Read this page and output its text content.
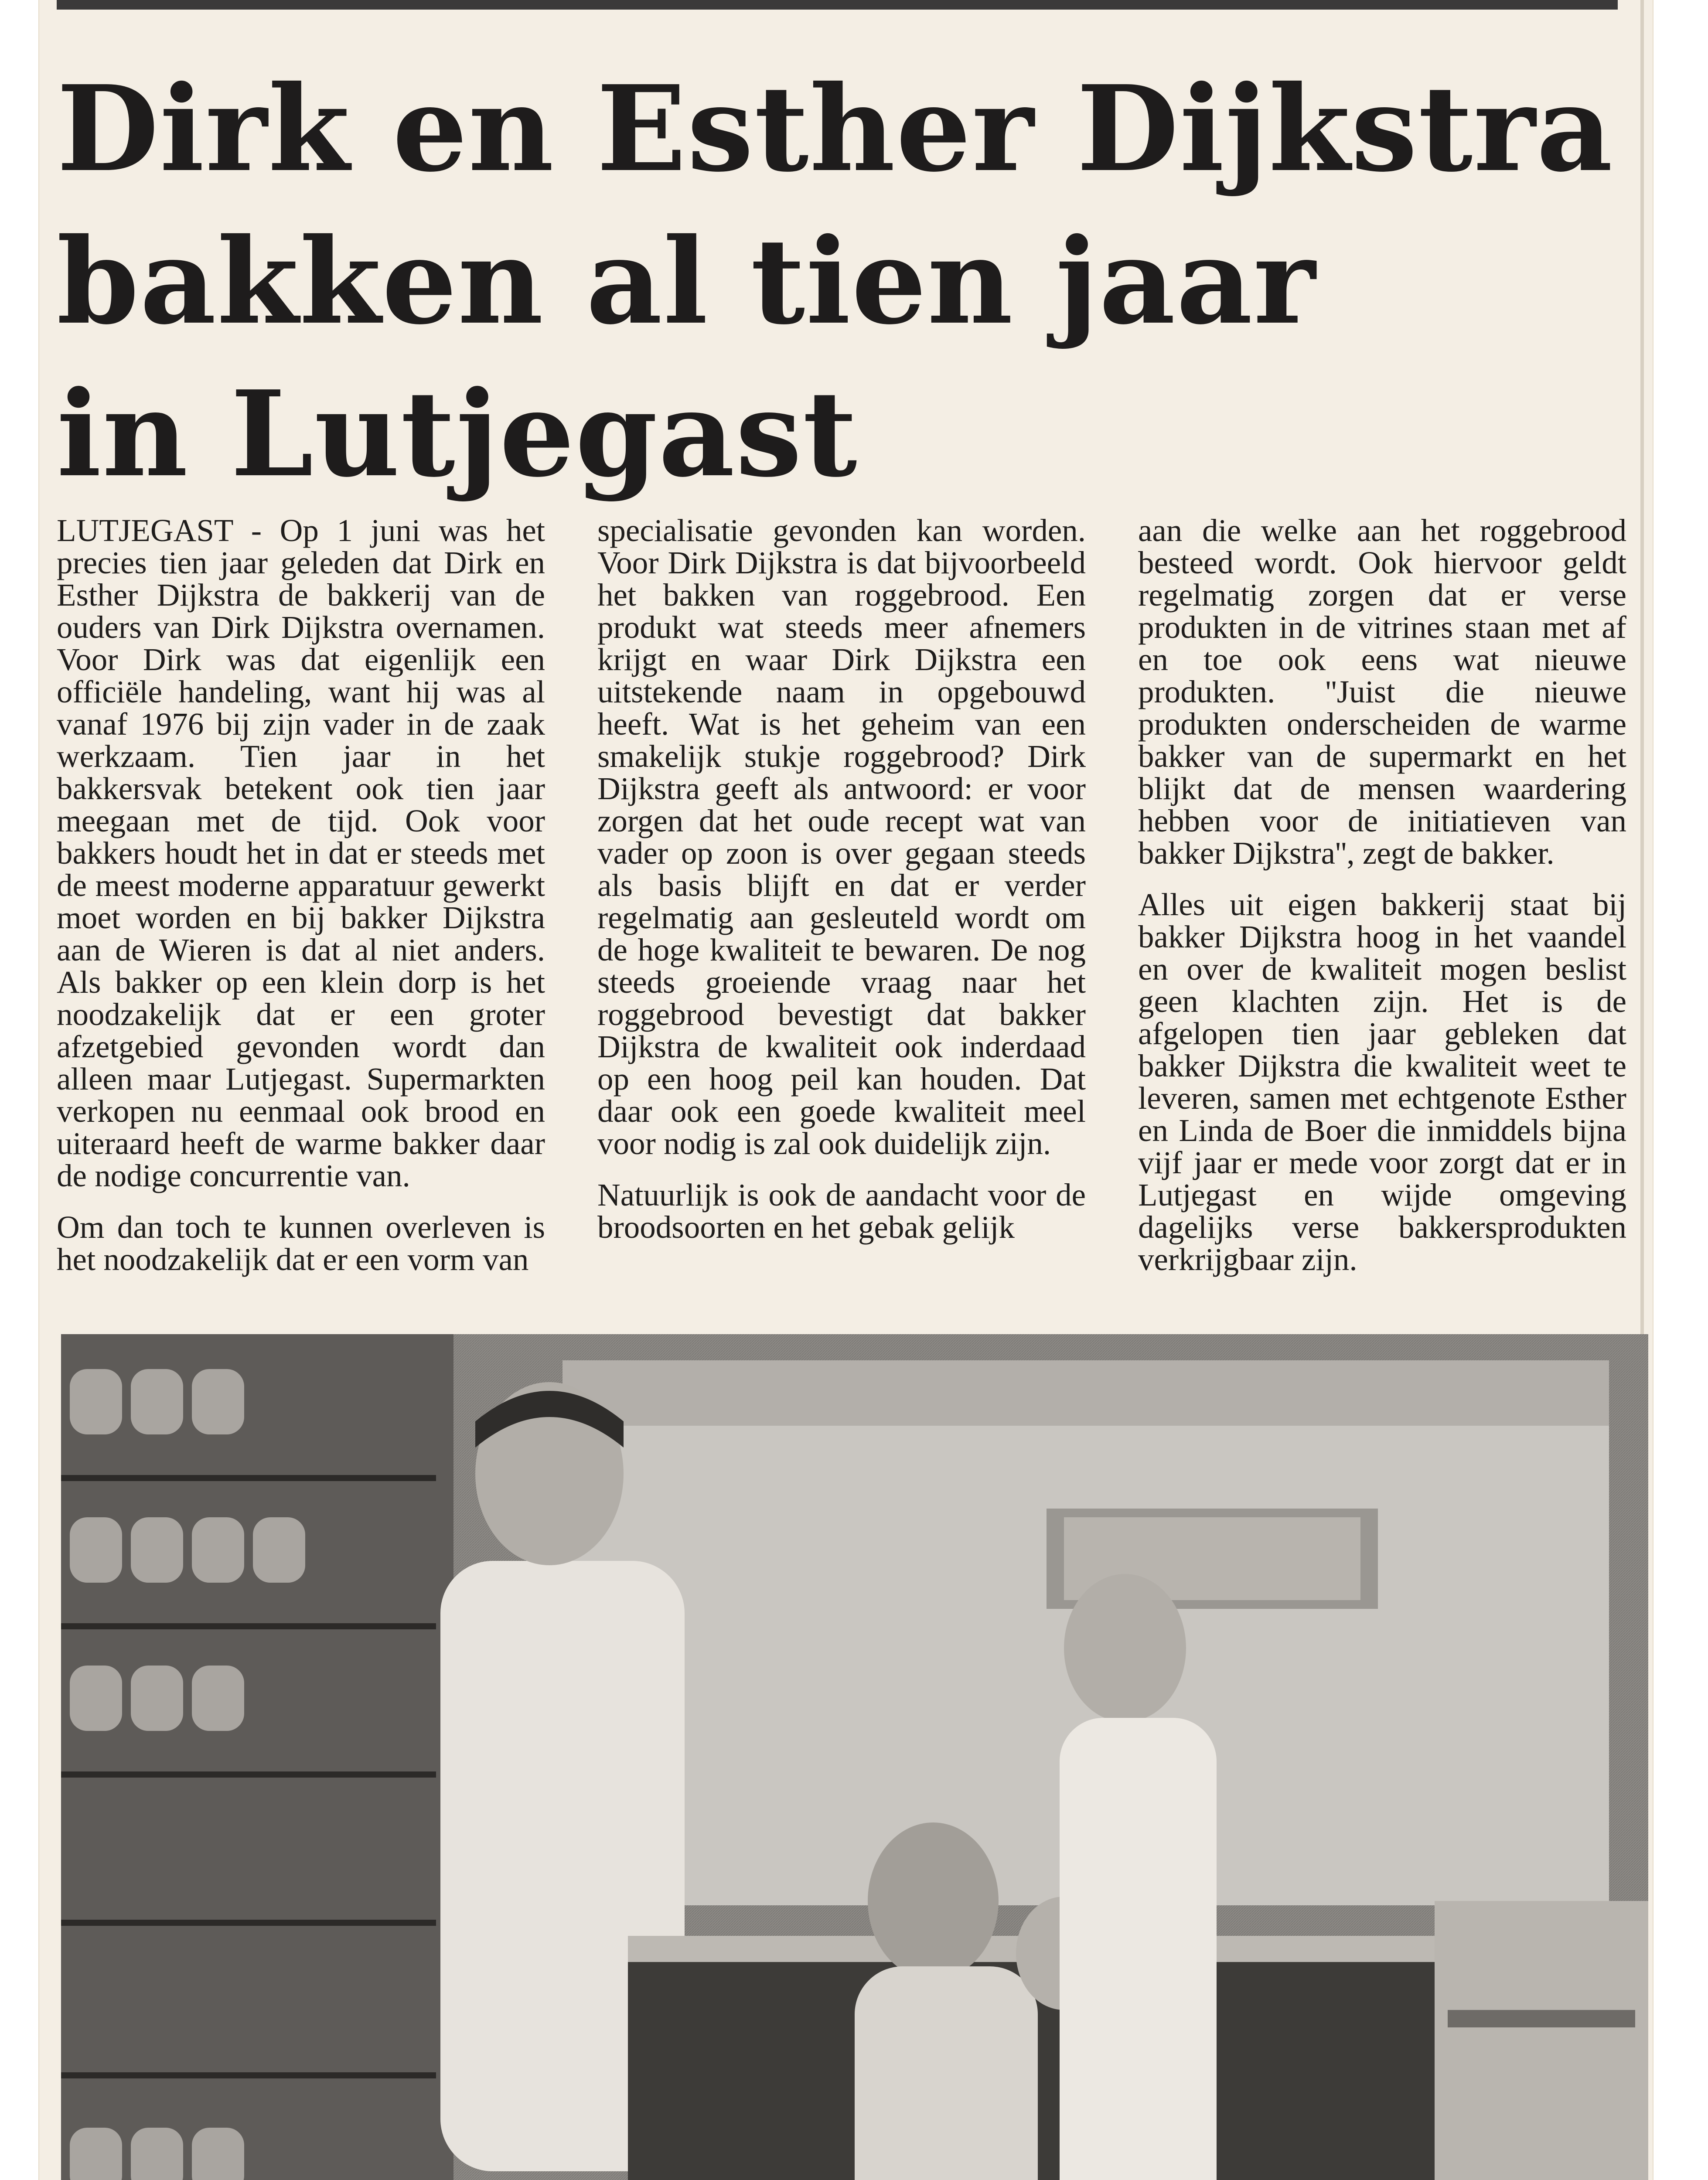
Dirk en Esther Dijkstra
bakken al tien jaar
in Lutjegast

LUTJEGAST - Op 1 juni was het precies tien jaar geleden dat Dirk en Esther Dijkstra de bakkerij van de ouders van Dirk Dijkstra overnamen. Voor Dirk was dat eigenlijk een officiële handeling, want hij was al vanaf 1976 bij zijn vader in de zaak werkzaam. Tien jaar in het bakkersvak betekent ook tien jaar meegaan met de tijd. Ook voor bakkers houdt het in dat er steeds met de meest moderne apparatuur gewerkt moet worden en bij bakker Dijkstra aan de Wieren is dat al niet anders. Als bakker op een klein dorp is het noodzakelijk dat er een groter afzetgebied gevonden wordt dan alleen maar Lutjegast. Supermarkten verkopen nu eenmaal ook brood en uiteraard heeft de warme bakker daar de nodige concurrentie van.

Om dan toch te kunnen overleven is het noodzakelijk dat er een vorm van

specialisatie gevonden kan worden. Voor Dirk Dijkstra is dat bijvoorbeeld het bakken van roggebrood. Een produkt wat steeds meer afnemers krijgt en waar Dirk Dijkstra een uitstekende naam in opgebouwd heeft. Wat is het geheim van een smakelijk stukje roggebrood? Dirk Dijkstra geeft als antwoord: er voor zorgen dat het oude recept wat van vader op zoon is over gegaan steeds als basis blijft en dat er verder regelmatig aan gesleuteld wordt om de hoge kwaliteit te bewaren. De nog steeds groeiende vraag naar het roggebrood bevestigt dat bakker Dijkstra de kwaliteit ook inderdaad op een hoog peil kan houden. Dat daar ook een goede kwaliteit meel voor nodig is zal ook duidelijk zijn.

Natuurlijk is ook de aandacht voor de broodsoorten en het gebak gelijk

aan die welke aan het roggebrood besteed wordt. Ook hiervoor geldt regelmatig zorgen dat er verse produkten in de vitrines staan met af en toe ook eens wat nieuwe produkten. ''Juist die nieuwe produkten onderscheiden de warme bakker van de supermarkt en het blijkt dat de mensen waardering hebben voor de initiatieven van bakker Dijkstra'', zegt de bakker.

Alles uit eigen bakkerij staat bij bakker Dijkstra hoog in het vaandel en over de kwaliteit mogen beslist geen klachten zijn. Het is de afgelopen tien jaar gebleken dat bakker Dijkstra die kwaliteit weet te leveren, samen met echtgenote Esther en Linda de Boer die inmiddels bijna vijf jaar er mede voor zorgt dat er in Lutjegast en wijde omgeving dagelijks verse bakkersprodukten verkrijgbaar zijn.
